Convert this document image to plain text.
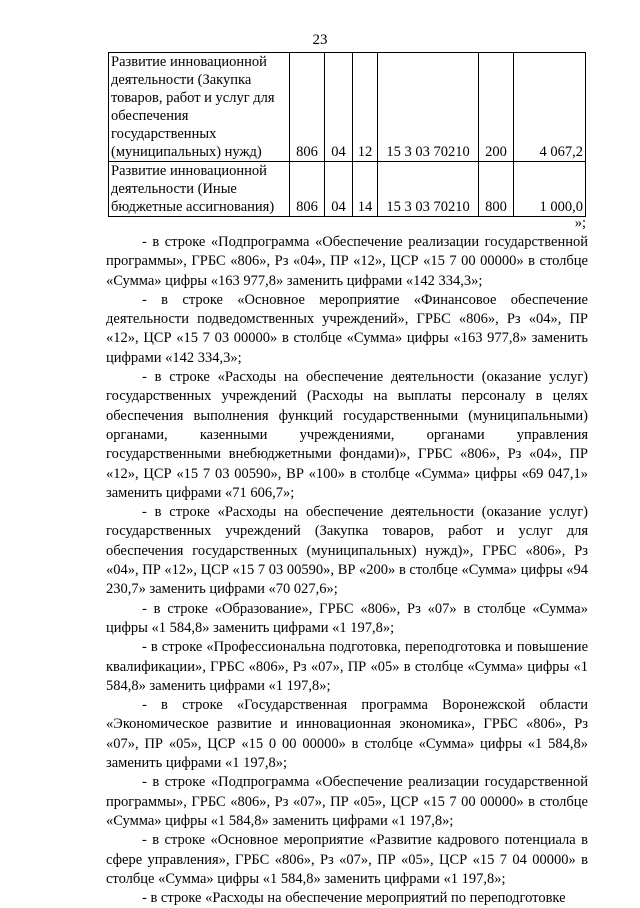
23
Развитие инновационной деятельности (Закупка товаров, работ и услуг для обеспечения государственных (муниципальных) нужд)	806	04	12	15 3 03 70210	200	4 067,2
Развитие инновационной деятельности (Иные бюджетные ассигнования)	806	04	14	15 3 03 70210	800	1 000,0
»;

- в строке «Подпрограмма «Обеспечение реализации государственной программы», ГРБС «806», Рз «04», ПР «12», ЦСР «15 7 00 00000» в столбце «Сумма» цифры «163 977,8» заменить цифрами «142 334,3»;

- в строке «Основное мероприятие «Финансовое обеспечение деятельности подведомственных учреждений», ГРБС «806», Рз «04», ПР «12», ЦСР «15 7 03 00000» в столбце «Сумма» цифры «163 977,8» заменить цифрами «142 334,3»;

- в строке «Расходы на обеспечение деятельности (оказание услуг) государственных учреждений (Расходы на выплаты персоналу в целях обеспечения выполнения функций государственными (муниципальными) органами, казенными учреждениями, органами управления государственными внебюджетными фондами)», ГРБС «806», Рз «04», ПР «12», ЦСР «15 7 03 00590», ВР «100» в столбце «Сумма» цифры «69 047,1» заменить цифрами «71 606,7»;

- в строке «Расходы на обеспечение деятельности (оказание услуг) государственных учреждений (Закупка товаров, работ и услуг для обеспечения государственных (муниципальных) нужд)», ГРБС «806», Рз «04», ПР «12», ЦСР «15 7 03 00590», ВР «200» в столбце «Сумма» цифры «94 230,7» заменить цифрами «70 027,6»;

- в строке «Образование», ГРБС «806», Рз «07» в столбце «Сумма» цифры «1 584,8» заменить цифрами «1 197,8»;

- в строке «Профессиональна подготовка, переподготовка и повышение квалификации», ГРБС «806», Рз «07», ПР «05» в столбце «Сумма» цифры «1 584,8» заменить цифрами «1 197,8»;

- в строке «Государственная программа Воронежской области «Экономическое развитие и инновационная экономика», ГРБС «806», Рз «07», ПР «05», ЦСР «15 0 00 00000» в столбце «Сумма» цифры «1 584,8» заменить цифрами «1 197,8»;

- в строке «Подпрограмма «Обеспечение реализации государственной программы», ГРБС «806», Рз «07», ПР «05», ЦСР «15 7 00 00000» в столбце «Сумма» цифры «1 584,8» заменить цифрами «1 197,8»;

- в строке «Основное мероприятие «Развитие кадрового потенциала в сфере управления», ГРБС «806», Рз «07», ПР «05», ЦСР «15 7 04 00000» в столбце «Сумма» цифры «1 584,8» заменить цифрами «1 197,8»;

- в строке «Расходы на обеспечение мероприятий по переподготовке
